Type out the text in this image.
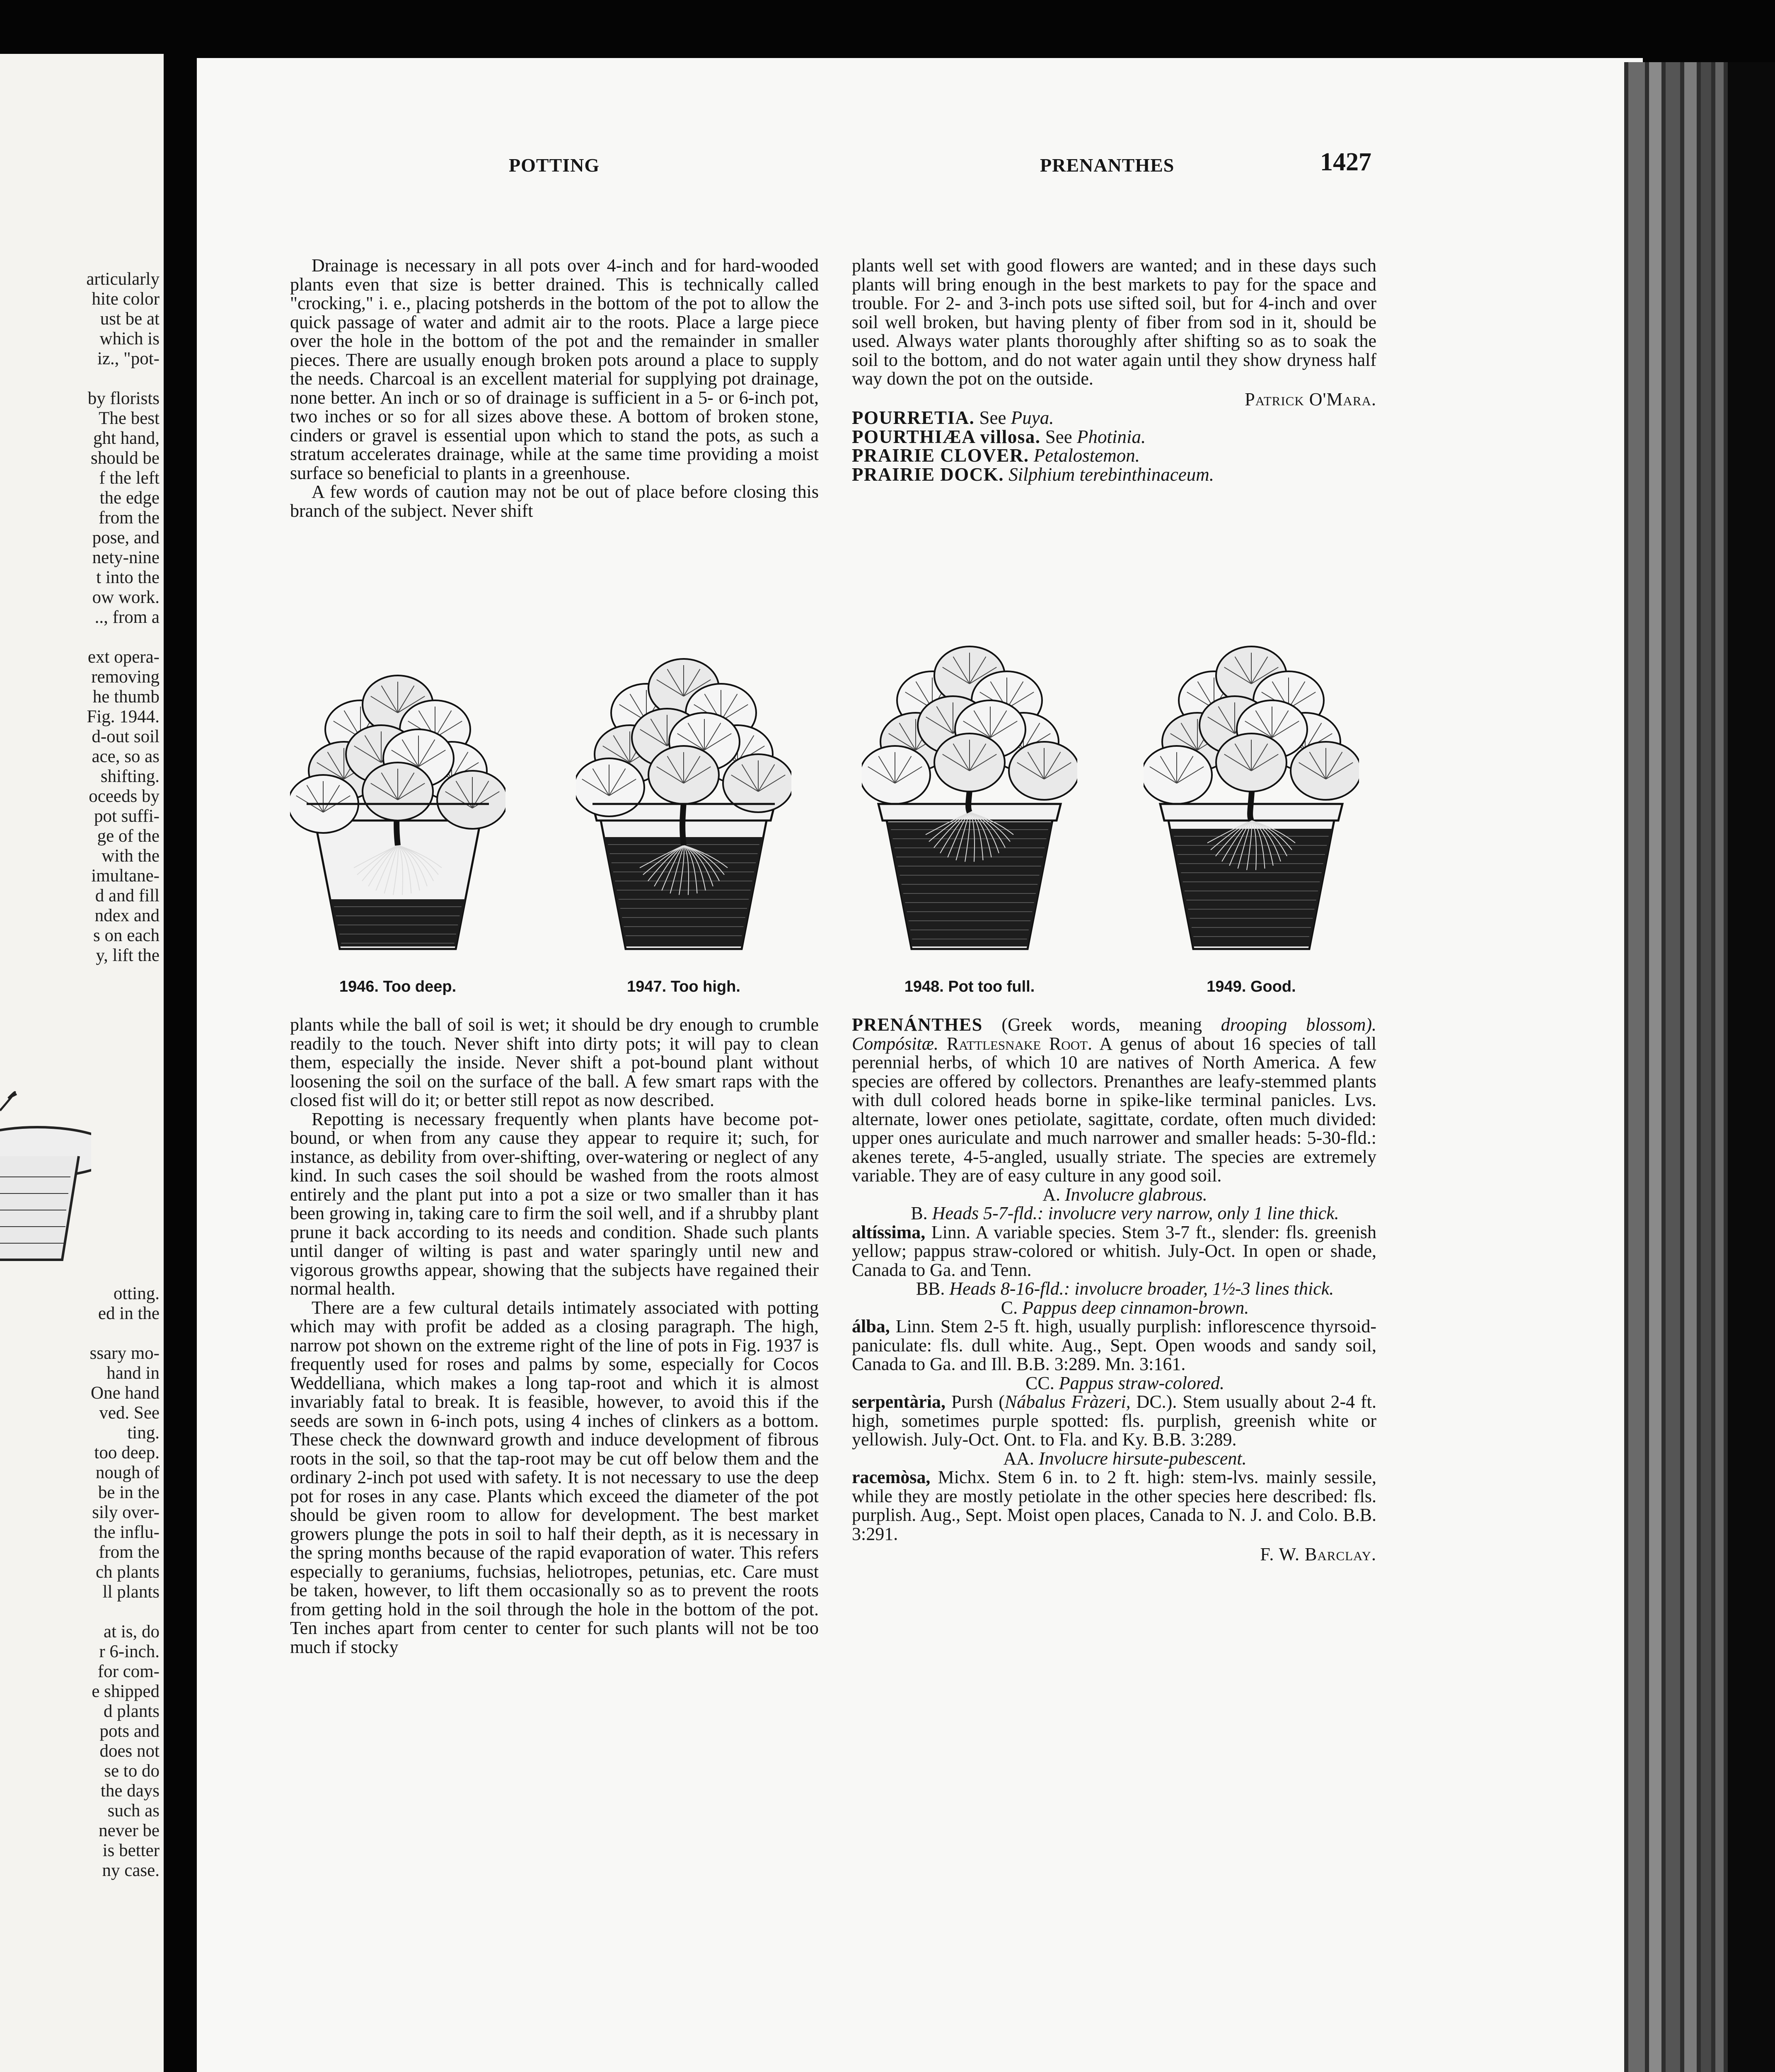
articularly
hite color
ust be at
which is
iz., "pot-
by florists
The best
ght hand,
should be
f the left
the edge
from the
pose, and
nety-nine
t into the
ow work.
.., from a
ext opera-
removing
he thumb
Fig. 1944.
d-out soil
ace, so as
shifting.
oceeds by
pot suffi-
ge of the
with the
imultane-
d and fill
ndex and
s on each
y, lift the
otting.
ed in the
ssary mo-
hand in
One hand
ved. See
ting.
too deep.
nough of
be in the
sily over-
the influ-
from the
ch plants
ll plants
at is, do
r 6-inch.
for com-
e shipped
d plants
pots and
does not
se to do
the days
such as
never be
is better
ny case.
POTTING	PRENANTHES	1427

Drainage is necessary in all pots over 4-inch and for hard-wooded plants even that size is better drained. This is technically called "crocking," i. e., placing potsherds in the bottom of the pot to allow the quick passage of water and admit air to the roots. Place a large piece over the hole in the bottom of the pot and the remainder in smaller pieces. There are usually enough broken pots around a place to supply the needs. Charcoal is an excellent material for supplying pot drainage, none better. An inch or so of drainage is sufficient in a 5- or 6-inch pot, two inches or so for all sizes above these. A bottom of broken stone, cinders or gravel is essential upon which to stand the pots, as such a stratum accelerates drainage, while at the same time providing a moist surface so beneficial to plants in a greenhouse.

A few words of caution may not be out of place before closing this branch of the subject. Never shift

plants well set with good flowers are wanted; and in these days such plants will bring enough in the best markets to pay for the space and trouble. For 2- and 3-inch pots use sifted soil, but for 4-inch and over soil well broken, but having plenty of fiber from sod in it, should be used. Always water plants thoroughly after shifting so as to soak the soil to the bottom, and do not water again until they show dryness half way down the pot on the outside.

Patrick O'Mara.

POURRETIA. See Puya.

POURTHIÆA villosa. See Photinia.

PRAIRIE CLOVER. Petalostemon.

PRAIRIE DOCK. Silphium terebinthinaceum.

1946. Too deep.	1947. Too high.	1948. Pot too full.	1949. Good.

plants while the ball of soil is wet; it should be dry enough to crumble readily to the touch. Never shift into dirty pots; it will pay to clean them, especially the inside. Never shift a pot-bound plant without loosening the soil on the surface of the ball. A few smart raps with the closed fist will do it; or better still repot as now described.

Repotting is necessary frequently when plants have become pot-bound, or when from any cause they appear to require it; such, for instance, as debility from over-shifting, over-watering or neglect of any kind. In such cases the soil should be washed from the roots almost entirely and the plant put into a pot a size or two smaller than it has been growing in, taking care to firm the soil well, and if a shrubby plant prune it back according to its needs and condition. Shade such plants until danger of wilting is past and water sparingly until new and vigorous growths appear, showing that the subjects have regained their normal health.

There are a few cultural details intimately associated with potting which may with profit be added as a closing paragraph. The high, narrow pot shown on the extreme right of the line of pots in Fig. 1937 is frequently used for roses and palms by some, especially for Cocos Weddelliana, which makes a long tap-root and which it is almost invariably fatal to break. It is feasible, however, to avoid this if the seeds are sown in 6-inch pots, using 4 inches of clinkers as a bottom. These check the downward growth and induce development of fibrous roots in the soil, so that the tap-root may be cut off below them and the ordinary 2-inch pot used with safety. It is not necessary to use the deep pot for roses in any case. Plants which exceed the diameter of the pot should be given room to allow for development. The best market growers plunge the pots in soil to half their depth, as it is necessary in the spring months because of the rapid evaporation of water. This refers especially to geraniums, fuchsias, heliotropes, petunias, etc. Care must be taken, however, to lift them occasionally so as to prevent the roots from getting hold in the soil through the hole in the bottom of the pot. Ten inches apart from center to center for such plants will not be too much if stocky

PRENÁNTHES (Greek words, meaning drooping blossom). Compósitæ. Rattlesnake Root. A genus of about 16 species of tall perennial herbs, of which 10 are natives of North America. A few species are offered by collectors. Prenanthes are leafy-stemmed plants with dull colored heads borne in spike-like terminal panicles. Lvs. alternate, lower ones petiolate, sagittate, cordate, often much divided: upper ones auriculate and much narrower and smaller heads: 5-30-fld.: akenes terete, 4-5-angled, usually striate. The species are extremely variable. They are of easy culture in any good soil.

A. Involucre glabrous.

B. Heads 5-7-fld.: involucre very narrow, only 1 line thick.

altíssima, Linn. A variable species. Stem 3-7 ft., slender: fls. greenish yellow; pappus straw-colored or whitish. July-Oct. In open or shade, Canada to Ga. and Tenn.

BB. Heads 8-16-fld.: involucre broader, 1½-3 lines thick.

C. Pappus deep cinnamon-brown.

álba, Linn. Stem 2-5 ft. high, usually purplish: inflorescence thyrsoid-paniculate: fls. dull white. Aug., Sept. Open woods and sandy soil, Canada to Ga. and Ill. B.B. 3:289. Mn. 3:161.

CC. Pappus straw-colored.

serpentària, Pursh (Nábalus Fràzeri, DC.). Stem usually about 2-4 ft. high, sometimes purple spotted: fls. purplish, greenish white or yellowish. July-Oct. Ont. to Fla. and Ky. B.B. 3:289.

AA. Involucre hirsute-pubescent.

racemòsa, Michx. Stem 6 in. to 2 ft. high: stem-lvs. mainly sessile, while they are mostly petiolate in the other species here described: fls. purplish. Aug., Sept. Moist open places, Canada to N. J. and Colo. B.B. 3:291.

F. W. Barclay.
